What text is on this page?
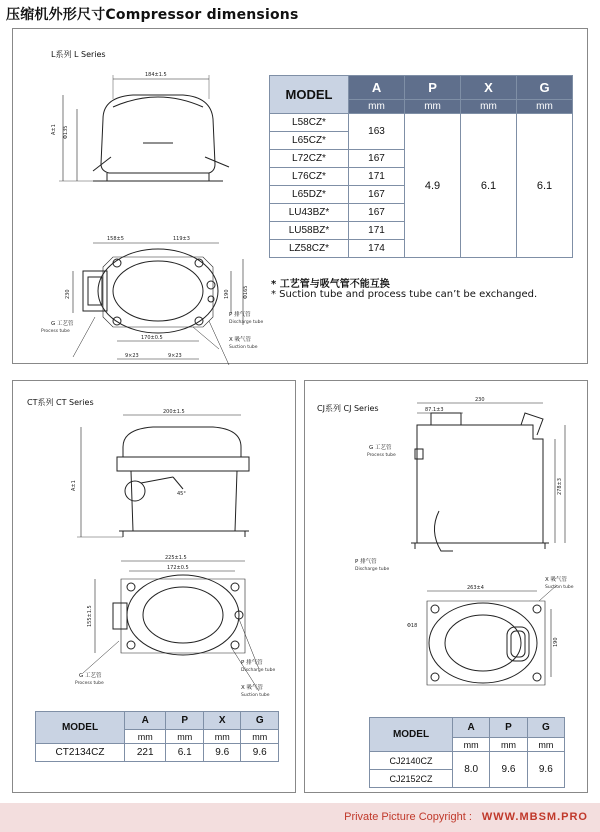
压缩机外形尺寸Compressor dimensions
L系列 L Series
184±1.5
Φ135
A±1
158±5	119±3
230	190
170±0.5
9×23	9×23
Φ165
G 工艺管
Process tube
P 排气管
Discharge tube
X 吸气管
Suction tube
MODEL	A	P	X	G
	mm	mm	mm	mm
L58CZ*	163	4.9	6.1	6.1
L65CZ*				
L72CZ*	167			
L76CZ*	171			
L65DZ*	167			
LU43BZ*	167			
LU58BZ*	171			
LZ58CZ*	174			
* 工艺管与吸气管不能互换
* Suction tube and process tube can’t be exchanged.
CT系列 CT Series
200±1.5
A±1
45°
225±1.5
172±0.5
155±1.5
G 工艺管
Process tube
P 排气管
Discharge tube
X 吸气管
Suction tube
MODEL	A	P	X	G
	mm	mm	mm	mm
CT2134CZ	221	6.1	9.6	9.6
CJ系列 CJ Series
230
87.1±3
278±3
263±4
190
Φ18
G 工艺管
Process tube
P 排气管
Discharge tube
X 吸气管
Suction tube
MODEL	A	P	G
	mm	mm	mm
CJ2140CZ	8.0	9.6	9.6
CJ2152CZ			
Private Picture Copyright : WWW.MBSM.PRO
